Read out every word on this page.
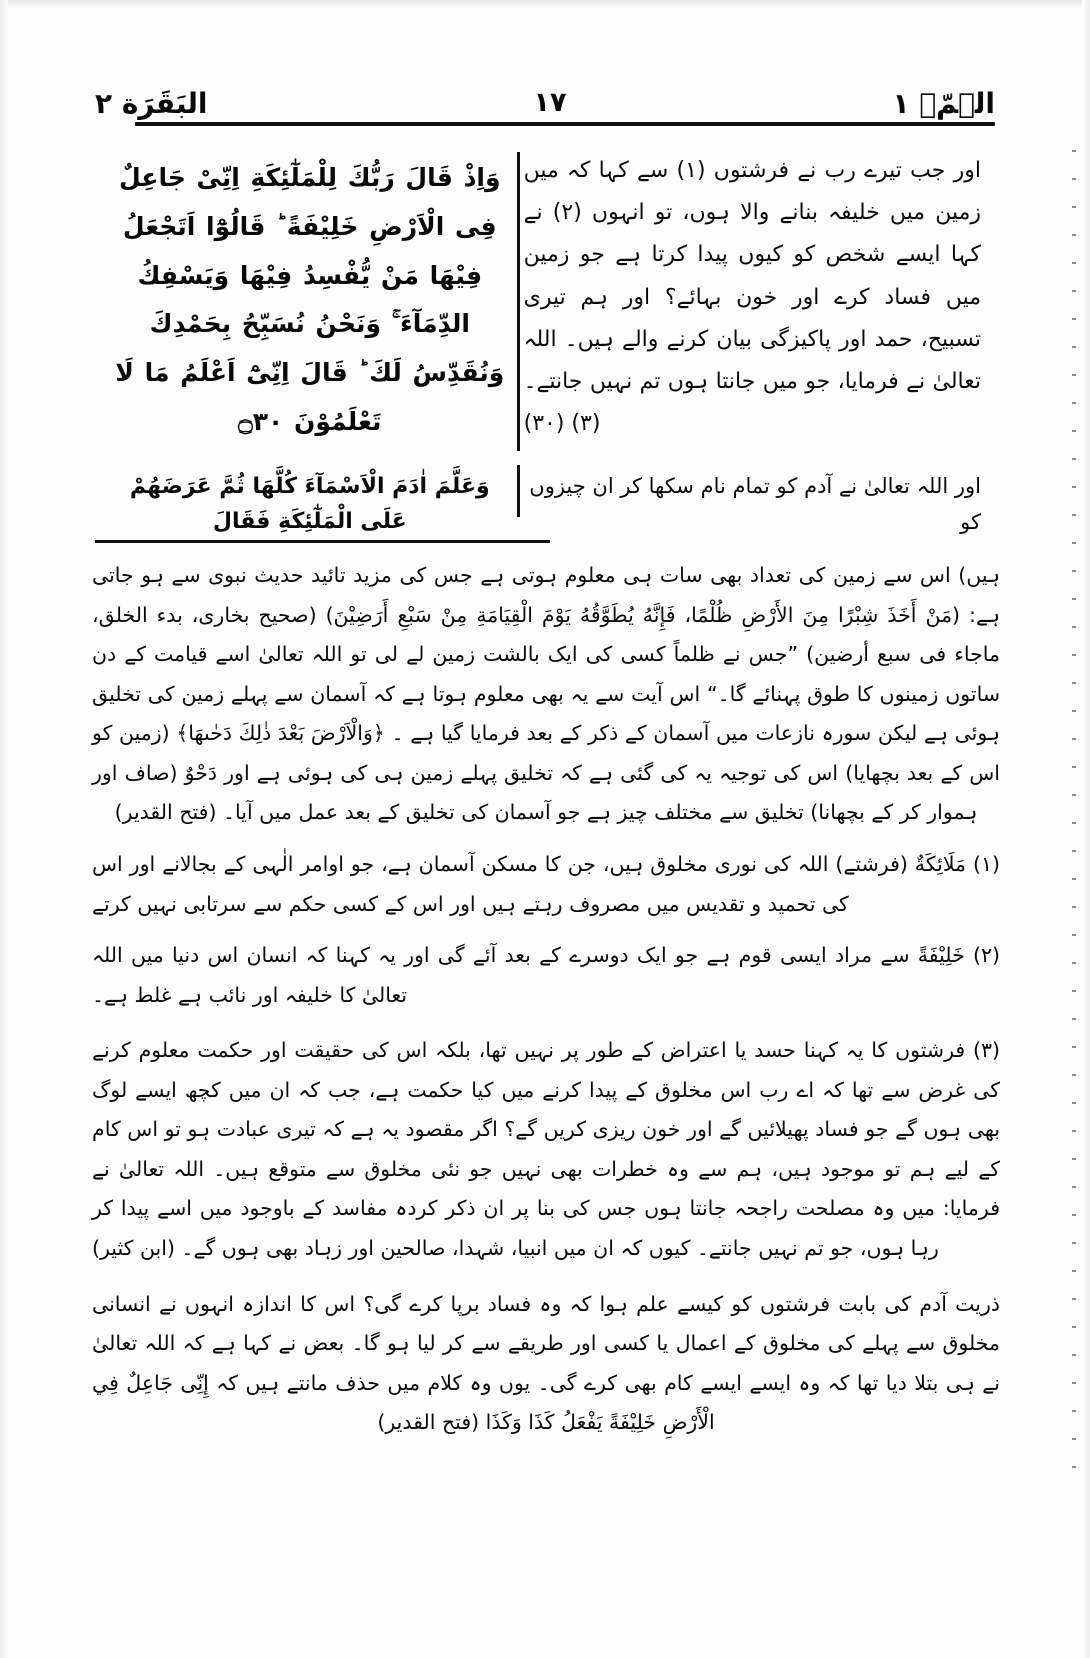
الۤمّۤ ١
١٧
البَقَرَة ٢
اور جب تیرے رب نے فرشتوں (۱) سے کہا کہ میں زمین میں خلیفہ بنانے والا ہوں، تو انہوں (۲) نے کہا ایسے شخص کو کیوں پیدا کرتا ہے جو زمین میں فساد کرے اور خون بہائے؟ اور ہم تیری تسبیح، حمد اور پاکیزگی بیان کرنے والے ہیں۔ اللہ تعالیٰ نے فرمایا، جو میں جانتا ہوں تم نہیں جانتے۔ (۳) (۳۰)
وَاِذْ قَالَ رَبُّكَ لِلْمَلٰٓئِكَةِ اِنِّیْ جَاعِلٌ فِی الْاَرْضِ خَلِیْفَةً ؕ قَالُوْٓا اَتَجْعَلُ فِیْهَا مَنْ یُّفْسِدُ فِیْهَا وَیَسْفِكُ الدِّمَآءَ ۚ وَنَحْنُ نُسَبِّحُ بِحَمْدِكَ وَنُقَدِّسُ لَكَ ؕ قَالَ اِنِّیْٓ اَعْلَمُ مَا لَا تَعْلَمُوْنَ ۝٣٠
اور اللہ تعالیٰ نے آدم کو تمام نام سکھا کر ان چیزوں کو
وَعَلَّمَ اٰدَمَ الْاَسْمَآءَ كُلَّهَا ثُمَّ عَرَضَهُمْ عَلَى الْمَلٰٓئِكَةِ فَقَالَ

ہیں) اس سے زمین کی تعداد بھی سات ہی معلوم ہوتی ہے جس کی مزید تائید حدیث نبوی سے ہو جاتی ہے: (مَنْ أَخَذَ شِبْرًا مِنَ الأَرْضِ ظُلْمًا، فَإِنَّهُ یُطَوَّقُهُ یَوْمَ الْقِیَامَةِ مِنْ سَبْعِ أَرَضِیْنَ) (صحیح بخاری، بدء الخلق، ماجاء فی سبع أرضین) ”جس نے ظلماً کسی کی ایک بالشت زمین لے لی تو اللہ تعالیٰ اسے قیامت کے دن ساتوں زمینوں کا طوق پہنائے گا۔“ اس آیت سے یہ بھی معلوم ہوتا ہے کہ آسمان سے پہلے زمین کی تخلیق ہوئی ہے لیکن سورہ نازعات میں آسمان کے ذکر کے بعد فرمایا گیا ہے ۔ ﴿وَالْاَرْضَ بَعْدَ ذٰلِكَ دَحٰىهَا﴾ (زمین کو اس کے بعد بچھایا) اس کی توجیہ یہ کی گئی ہے کہ تخلیق پہلے زمین ہی کی ہوئی ہے اور دَحْوٌ (صاف اور ہموار کر کے بچھانا) تخلیق سے مختلف چیز ہے جو آسمان کی تخلیق کے بعد عمل میں آیا۔ (فتح القدیر)

(۱) مَلَائِكَةٌ (فرشتے) اللہ کی نوری مخلوق ہیں، جن کا مسکن آسمان ہے، جو اوامر الٰہی کے بجالانے اور اس کی تحمید و تقدیس میں مصروف رہتے ہیں اور اس کے کسی حکم سے سرتابی نہیں کرتے

(۲) خَلِیْفَةً سے مراد ایسی قوم ہے جو ایک دوسرے کے بعد آئے گی اور یہ کہنا کہ انسان اس دنیا میں اللہ تعالیٰ کا خلیفہ اور نائب ہے غلط ہے۔

(۳) فرشتوں کا یہ کہنا حسد یا اعتراض کے طور پر نہیں تھا، بلکہ اس کی حقیقت اور حکمت معلوم کرنے کی غرض سے تھا کہ اے رب اس مخلوق کے پیدا کرنے میں کیا حکمت ہے، جب کہ ان میں کچھ ایسے لوگ بھی ہوں گے جو فساد پھیلائیں گے اور خون ریزی کریں گے؟ اگر مقصود یہ ہے کہ تیری عبادت ہو تو اس کام کے لیے ہم تو موجود ہیں، ہم سے وہ خطرات بھی نہیں جو نئی مخلوق سے متوقع ہیں۔ اللہ تعالیٰ نے فرمایا: میں وہ مصلحت راجحہ جانتا ہوں جس کی بنا پر ان ذکر کردہ مفاسد کے باوجود میں اسے پیدا کر رہا ہوں، جو تم نہیں جانتے۔ کیوں کہ ان میں انبیا، شہدا، صالحین اور زہاد بھی ہوں گے۔ (ابن کثیر)

ذریت آدم کی بابت فرشتوں کو کیسے علم ہوا کہ وہ فساد برپا کرے گی؟ اس کا اندازہ انہوں نے انسانی مخلوق سے پہلے کی مخلوق کے اعمال یا کسی اور طریقے سے کر لیا ہو گا۔ بعض نے کہا ہے کہ اللہ تعالیٰ نے ہی بتلا دیا تھا کہ وہ ایسے ایسے کام بھی کرے گی۔ یوں وہ کلام میں حذف مانتے ہیں کہ إِنِّی جَاعِلٌ فِي الْأَرْضِ خَلِیْفَةً یَفْعَلُ كَذَا وَكَذَا (فتح القدیر)
